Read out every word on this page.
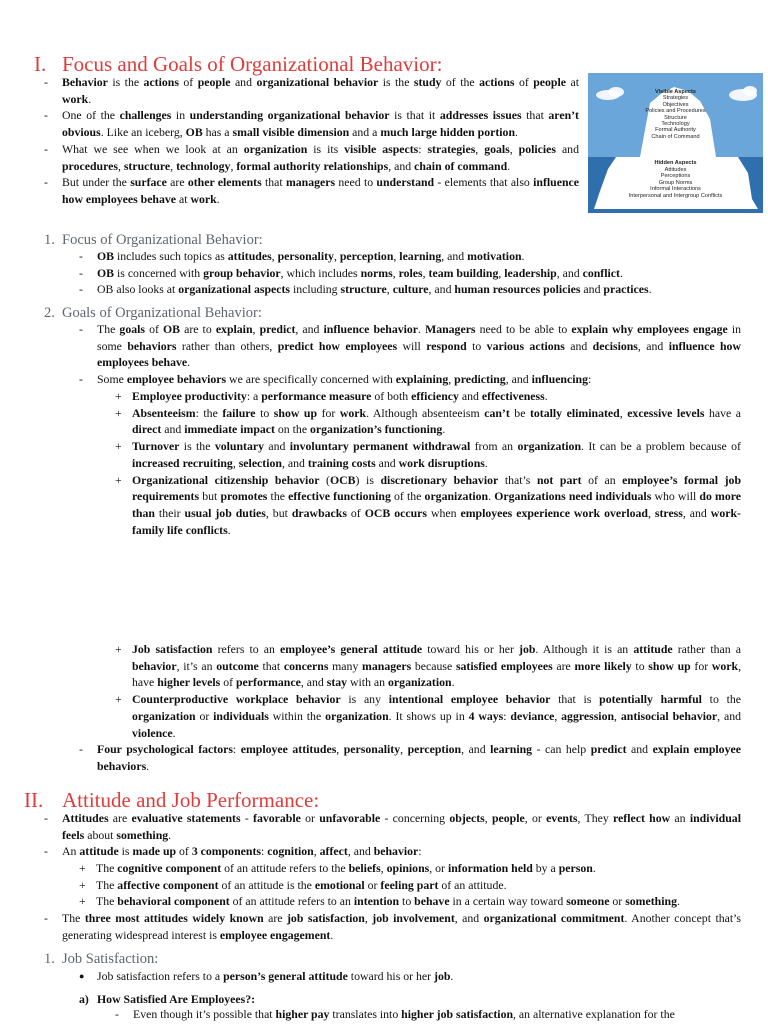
I. Focus and Goals of Organizational Behavior:
- Behavior is the actions of people and organizational behavior is the study of the actions of people at work.
- One of the challenges in understanding organizational behavior is that it addresses issues that aren’t obvious. Like an iceberg, OB has a small visible dimension and a much large hidden portion.
- What we see when we look at an organization is its visible aspects: strategies, goals, policies and procedures, structure, technology, formal authority relationships, and chain of command.
- But under the surface are other elements that managers need to understand - elements that also influence how employees behave at work.
Visible Aspects
Strategies
Objectives
Policies and Procedures
Structure
Technology
Formal Authority
Chain of Command
Hidden Aspects
Attitudes
Perceptions
Group Norms
Informal Interactions
Interpersonal and Intergroup Conflicts
1. Focus of Organizational Behavior:
- OB includes such topics as attitudes, personality, perception, learning, and motivation.
- OB is concerned with group behavior, which includes norms, roles, team building, leadership, and conflict.
- OB also looks at organizational aspects including structure, culture, and human resources policies and practices.
2. Goals of Organizational Behavior:
- The goals of OB are to explain, predict, and influence behavior. Managers need to be able to explain why employees engage in some behaviors rather than others, predict how employees will respond to various actions and decisions, and influence how employees behave.
- Some employee behaviors we are specifically concerned with explaining, predicting, and influencing:
+ Employee productivity: a performance measure of both efficiency and effectiveness.
+ Absenteeism: the failure to show up for work. Although absenteeism can’t be totally eliminated, excessive levels have a direct and immediate impact on the organization’s functioning.
+ Turnover is the voluntary and involuntary permanent withdrawal from an organization. It can be a problem because of increased recruiting, selection, and training costs and work disruptions.
+ Organizational citizenship behavior (OCB) is discretionary behavior that’s not part of an employee’s formal job requirements but promotes the effective functioning of the organization. Organizations need individuals who will do more than their usual job duties, but drawbacks of OCB occurs when employees experience work overload, stress, and work-family life conflicts.
+ Job satisfaction refers to an employee’s general attitude toward his or her job. Although it is an attitude rather than a behavior, it’s an outcome that concerns many managers because satisfied employees are more likely to show up for work, have higher levels of performance, and stay with an organization.
+ Counterproductive workplace behavior is any intentional employee behavior that is potentially harmful to the organization or individuals within the organization. It shows up in 4 ways: deviance, aggression, antisocial behavior, and violence.
- Four psychological factors: employee attitudes, personality, perception, and learning - can help predict and explain employee behaviors.
II. Attitude and Job Performance:
- Attitudes are evaluative statements - favorable or unfavorable - concerning objects, people, or events, They reflect how an individual feels about something.
- An attitude is made up of 3 components: cognition, affect, and behavior:
+ The cognitive component of an attitude refers to the beliefs, opinions, or information held by a person.
+ The affective component of an attitude is the emotional or feeling part of an attitude.
+ The behavioral component of an attitude refers to an intention to behave in a certain way toward someone or something.
- The three most attitudes widely known are job satisfaction, job involvement, and organizational commitment. Another concept that’s generating widespread interest is employee engagement.
1. Job Satisfaction:
● Job satisfaction refers to a person’s general attitude toward his or her job.
a) How Satisfied Are Employees?:
- Even though it’s possible that higher pay translates into higher job satisfaction, an alternative explanation for the
